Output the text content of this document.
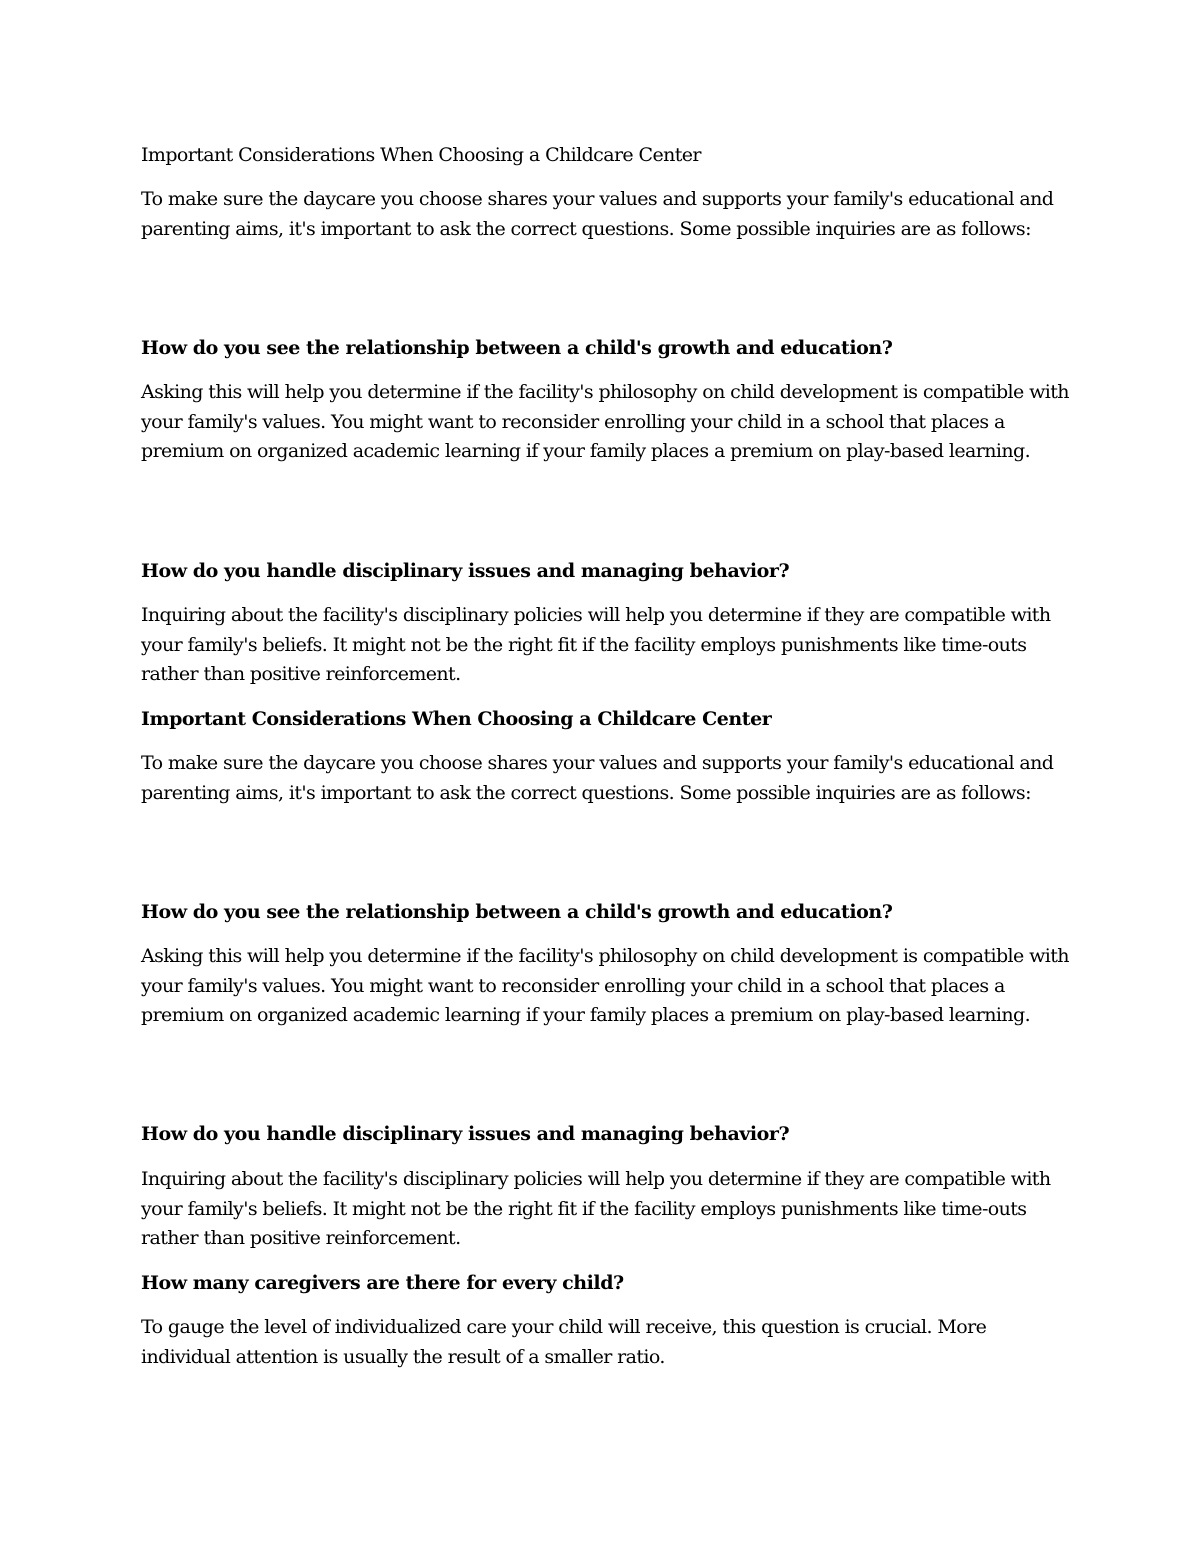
Important Considerations When Choosing a Childcare Center

To make sure the daycare you choose shares your values and supports your family's educational and parenting aims, it's important to ask the correct questions. Some possible inquiries are as follows:

How do you see the relationship between a child's growth and education?

Asking this will help you determine if the facility's philosophy on child development is compatible with your family's values. You might want to reconsider enrolling your child in a school that places a premium on organized academic learning if your family places a premium on play-based learning.

How do you handle disciplinary issues and managing behavior?

Inquiring about the facility's disciplinary policies will help you determine if they are compatible with your family's beliefs. It might not be the right fit if the facility employs punishments like time-outs rather than positive reinforcement.

Important Considerations When Choosing a Childcare Center

To make sure the daycare you choose shares your values and supports your family's educational and parenting aims, it's important to ask the correct questions. Some possible inquiries are as follows:

How do you see the relationship between a child's growth and education?

Asking this will help you determine if the facility's philosophy on child development is compatible with your family's values. You might want to reconsider enrolling your child in a school that places a premium on organized academic learning if your family places a premium on play-based learning.

How do you handle disciplinary issues and managing behavior?

Inquiring about the facility's disciplinary policies will help you determine if they are compatible with your family's beliefs. It might not be the right fit if the facility employs punishments like time-outs rather than positive reinforcement.

How many caregivers are there for every child?

To gauge the level of individualized care your child will receive, this question is crucial. More individual attention is usually the result of a smaller ratio.
